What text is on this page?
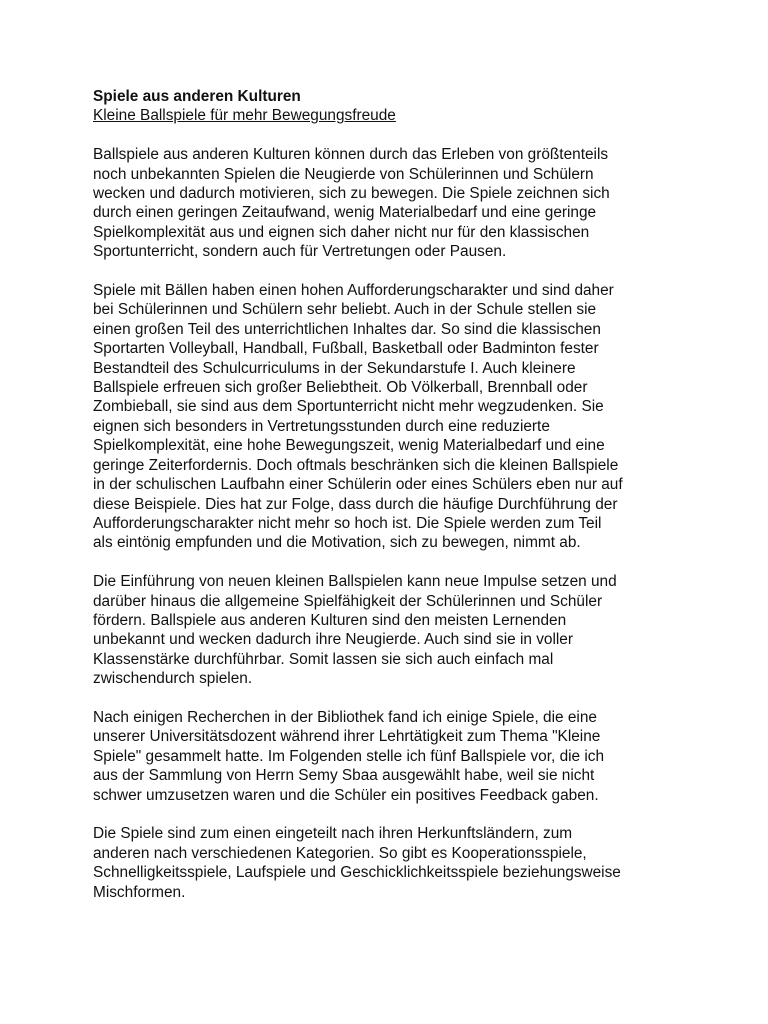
Spiele aus anderen Kulturen

Kleine Ballspiele für mehr Bewegungsfreude

Ballspiele aus anderen Kulturen können durch das Erleben von größtenteils
noch unbekannten Spielen die Neugierde von Schülerinnen und Schülern
wecken und dadurch motivieren, sich zu bewegen. Die Spiele zeichnen sich
durch einen geringen Zeitaufwand, wenig Materialbedarf und eine geringe
Spielkomplexität aus und eignen sich daher nicht nur für den klassischen
Sportunterricht, sondern auch für Vertretungen oder Pausen.

Spiele mit Bällen haben einen hohen Aufforderungscharakter und sind daher
bei Schülerinnen und Schülern sehr beliebt. Auch in der Schule stellen sie
einen großen Teil des unterrichtlichen Inhaltes dar. So sind die klassischen
Sportarten Volleyball, Handball, Fußball, Basketball oder Badminton fester
Bestandteil des Schulcurriculums in der Sekundarstufe I. Auch kleinere
Ballspiele erfreuen sich großer Beliebtheit. Ob Völkerball, Brennball oder
Zombieball, sie sind aus dem Sportunterricht nicht mehr wegzudenken. Sie
eignen sich besonders in Vertretungsstunden durch eine reduzierte
Spielkomplexität, eine hohe Bewegungszeit, wenig Materialbedarf und eine
geringe Zeiterfordernis. Doch oftmals beschränken sich die kleinen Ballspiele
in der schulischen Laufbahn einer Schülerin oder eines Schülers eben nur auf
diese Beispiele. Dies hat zur Folge, dass durch die häufige Durchführung der
Aufforderungscharakter nicht mehr so hoch ist. Die Spiele werden zum Teil
als eintönig empfunden und die Motivation, sich zu bewegen, nimmt ab.

Die Einführung von neuen kleinen Ballspielen kann neue Impulse setzen und
darüber hinaus die allgemeine Spielfähigkeit der Schülerinnen und Schüler
fördern. Ballspiele aus anderen Kulturen sind den meisten Lernenden
unbekannt und wecken dadurch ihre Neugierde. Auch sind sie in voller
Klassenstärke durchführbar. Somit lassen sie sich auch einfach mal
zwischendurch spielen.

Nach einigen Recherchen in der Bibliothek fand ich einige Spiele, die eine
unserer Universitätsdozent während ihrer Lehrtätigkeit zum Thema "Kleine
Spiele" gesammelt hatte. Im Folgenden stelle ich fünf Ballspiele vor, die ich
aus der Sammlung von Herrn Semy Sbaa ausgewählt habe, weil sie nicht
schwer umzusetzen waren und die Schüler ein positives Feedback gaben.

Die Spiele sind zum einen eingeteilt nach ihren Herkunftsländern, zum
anderen nach verschiedenen Kategorien. So gibt es Kooperationsspiele,
Schnelligkeitsspiele, Laufspiele und Geschicklichkeitsspiele beziehungsweise
Mischformen.
